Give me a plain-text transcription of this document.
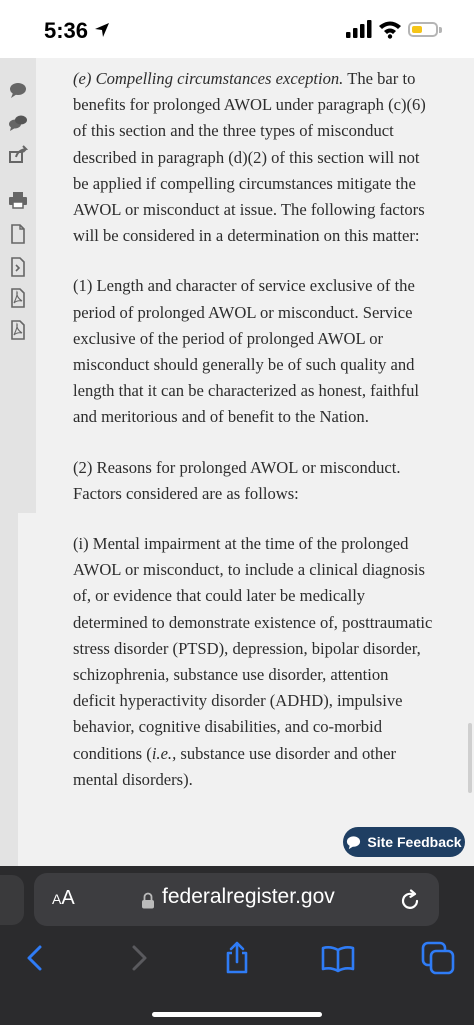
5:36

(e) Compelling circumstances exception. The bar to benefits for prolonged AWOL under paragraph (c)(6) of this section and the three types of misconduct described in paragraph (d)(2) of this section will not be applied if compelling circumstances mitigate the AWOL or misconduct at issue. The following factors will be considered in a determination on this matter:

(1) Length and character of service exclusive of the period of prolonged AWOL or misconduct. Service exclusive of the period of prolonged AWOL or misconduct should generally be of such quality and length that it can be characterized as honest, faithful and meritorious and of benefit to the Nation.

(2) Reasons for prolonged AWOL or misconduct. Factors considered are as follows:

(i) Mental impairment at the time of the prolonged AWOL or misconduct, to include a clinical diagnosis of, or evidence that could later be medically determined to demonstrate existence of, posttraumatic stress disorder (PTSD), depression, bipolar disorder, schizophrenia, substance use disorder, attention deficit hyperactivity disorder (ADHD), impulsive behavior, cognitive disabilities, and co-morbid conditions (i.e., substance use disorder and other mental disorders).

Site Feedback
AA	federalregister.gov
